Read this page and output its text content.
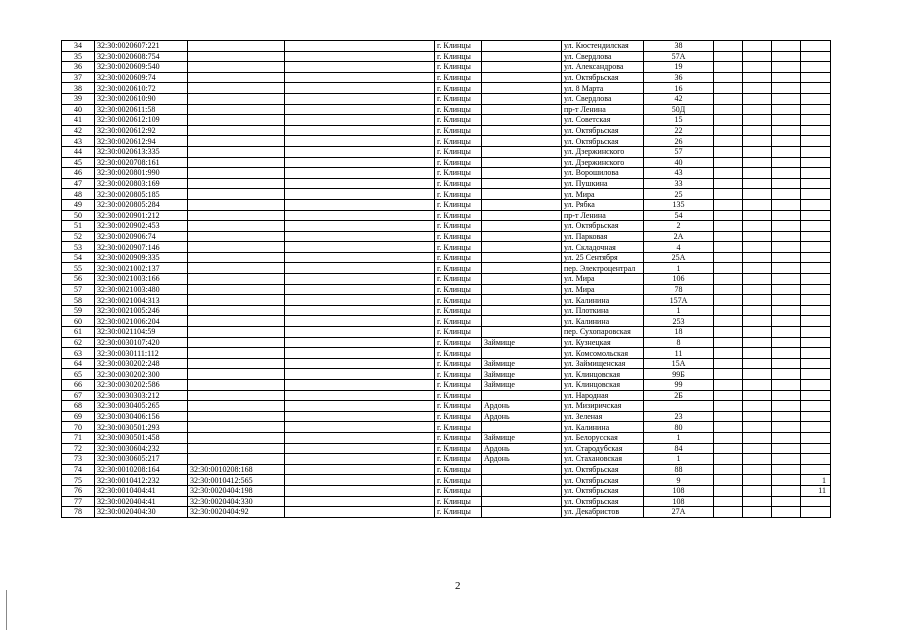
34	32:30:0020607:221			г. Клинцы		ул. Кюстендилская	38				
35	32:30:0020608:754			г. Клинцы		ул. Свердлова	57А				
36	32:30:0020609:540			г. Клинцы		ул. Александрова	19				
37	32:30:0020609:74			г. Клинцы		ул. Октябрьская	36				
38	32:30:0020610:72			г. Клинцы		ул. 8 Марта	16				
39	32:30:0020610:90			г. Клинцы		ул. Свердлова	42				
40	32:30:0020611:58			г. Клинцы		пр-т Ленина	50Д				
41	32:30:0020612:109			г. Клинцы		ул. Советская	15				
42	32:30:0020612:92			г. Клинцы		ул. Октябрьская	22				
43	32:30:0020612:94			г. Клинцы		ул. Октябрьская	26				
44	32:30:0020613:335			г. Клинцы		ул. Дзержинского	57				
45	32:30:0020708:161			г. Клинцы		ул. Дзержинского	40				
46	32:30:0020801:990			г. Клинцы		ул. Ворошилова	43				
47	32:30:0020803:169			г. Клинцы		ул. Пушкина	33				
48	32:30:0020805:185			г. Клинцы		ул. Мира	25				
49	32:30:0020805:284			г. Клинцы		ул. Рябка	135				
50	32:30:0020901:212			г. Клинцы		пр-т Ленина	54				
51	32:30:0020902:453			г. Клинцы		ул. Октябрьская	2				
52	32:30:0020906:74			г. Клинцы		ул. Парковая	2А				
53	32:30:0020907:146			г. Клинцы		ул. Складочная	4				
54	32:30:0020909:335			г. Клинцы		ул. 25 Сентября	25А				
55	32:30:0021002:137			г. Клинцы		пер. Электроцентрал	1				
56	32:30:0021003:166			г. Клинцы		ул. Мира	106				
57	32:30:0021003:480			г. Клинцы		ул. Мира	78				
58	32:30:0021004:313			г. Клинцы		ул. Калинина	157А				
59	32:30:0021005:246			г. Клинцы		ул. Плоткина	1				
60	32:30:0021006:204			г. Клинцы		ул. Калинина	253				
61	32:30:0021104:59			г. Клинцы		пер. Сухопаровская	18				
62	32:30:0030107:420			г. Клинцы	Займище	ул. Кузнецкая	8				
63	32:30:0030111:112			г. Клинцы		ул. Комсомольская	11				
64	32:30:0030202:248			г. Клинцы	Займище	ул. Займищенская	15А				
65	32:30:0030202:300			г. Клинцы	Займище	ул. Клинцовская	99Б				
66	32:30:0030202:586			г. Клинцы	Займище	ул. Клинцовская	99				
67	32:30:0030303:212			г. Клинцы		ул. Народная	2Б				
68	32:30:0030405:265			г. Клинцы	Ардонь	ул. Мизиричская					
69	32:30:0030406:156			г. Клинцы	Ардонь	ул. Зеленая	23				
70	32:30:0030501:293			г. Клинцы		ул. Калинина	80				
71	32:30:0030501:458			г. Клинцы	Займище	ул. Белорусская	1				
72	32:30:0030604:232			г. Клинцы	Ардонь	ул. Стародубская	84				
73	32:30:0030605:217			г. Клинцы	Ардонь	ул. Стахановская	1				
74	32:30:0010208:164	32:30:0010208:168		г. Клинцы		ул. Октябрьская	88				
75	32:30:0010412:232	32:30:0010412:565		г. Клинцы		ул. Октябрьская	9				1
76	32:30:0010404:41	32:30:0020404:198		г. Клинцы		ул. Октябрьская	108				11
77	32:30:0020404:41	32:30:0020404:330		г. Клинцы		ул. Октябрьская	108				
78	32:30:0020404:30	32:30:0020404:92		г. Клинцы		ул. Декабристов	27А				
2
